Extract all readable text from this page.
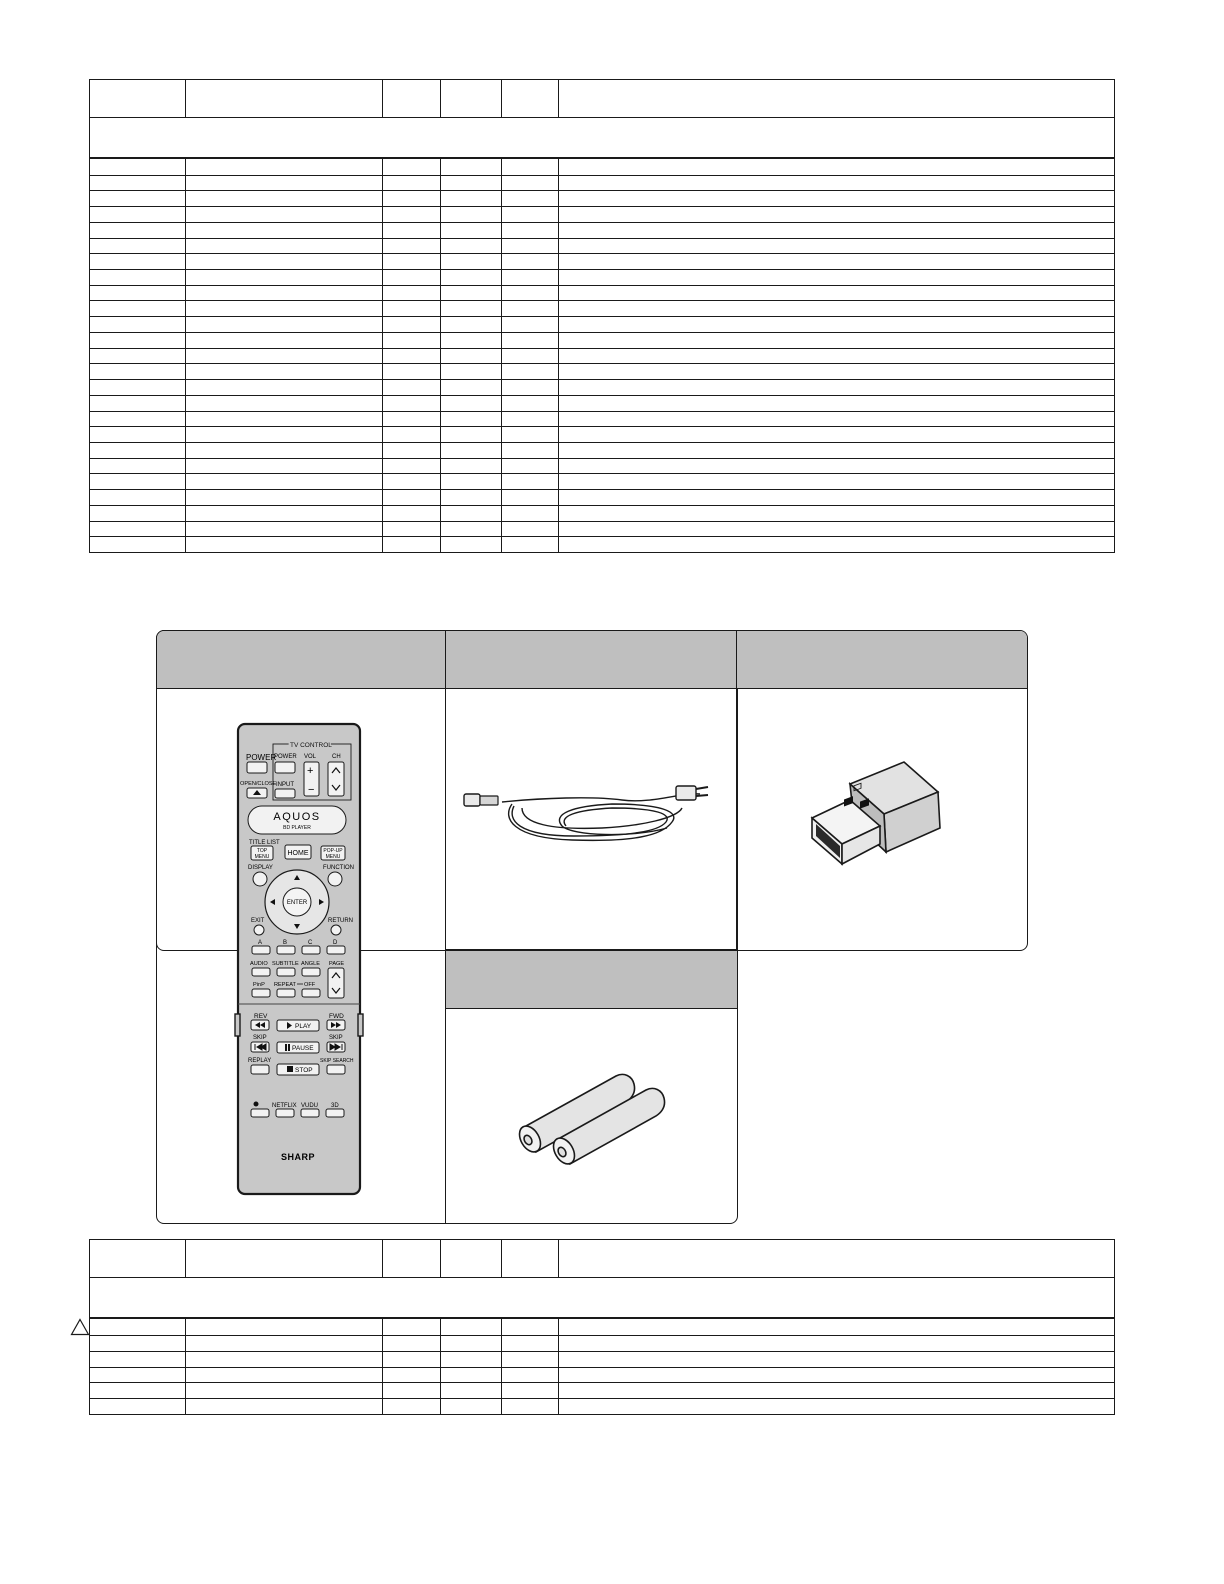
POWER
TV CONTROL
POWER VOL	CH
+
−
OPEN/CLOSE INPUT
AQUOS
BD PLAYER
TITLE LIST
TOP
MENU	HOME	POP-UP
MENU
DISPLAY	FUNCTION
ENTER
EXIT	RETURN
A	B	C	D
AUDIO SUBTITLE ANGLE PAGE
PinP REPEAT OFF
REV	FWD
PLAY
SKIP	SKIP
PAUSE
REPLAY	SKIP SEARCH
STOP
NETFLIX VUDU 3D
SHARP
